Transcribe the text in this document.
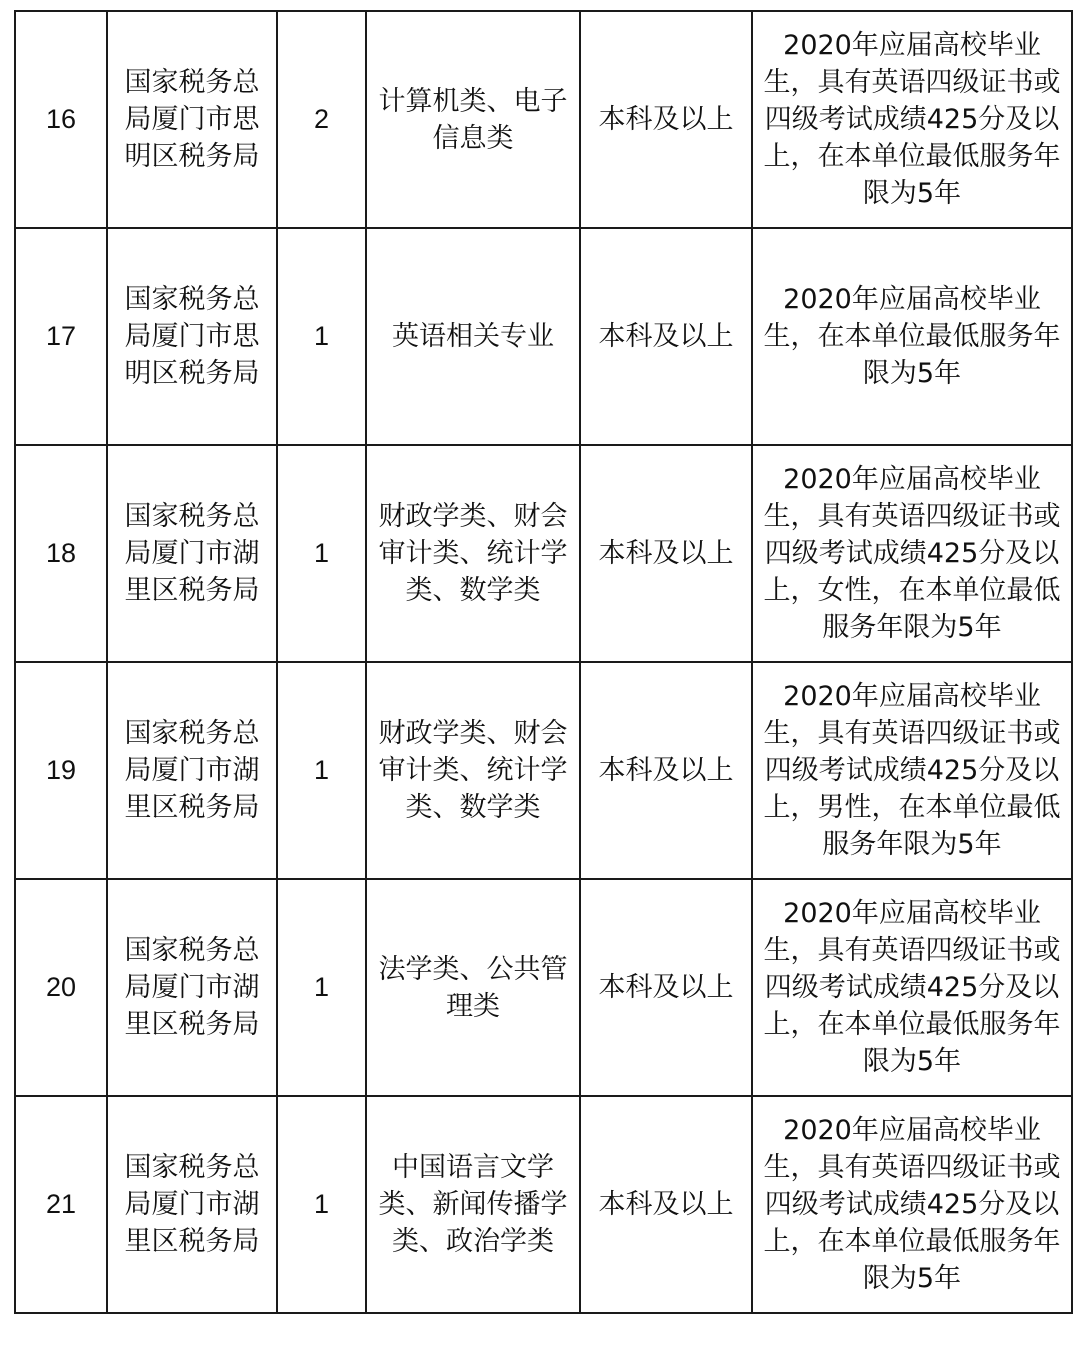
16	国家税务总局厦门市思明区税务局	2	计算机类、电子信息类	本科及以上	2020年应届高校毕业生，具有英语四级证书或四级考试成绩425分及以上，在本单位最低服务年限为5年
17	国家税务总局厦门市思明区税务局	1	英语相关专业	本科及以上	2020年应届高校毕业生，在本单位最低服务年限为5年
18	国家税务总局厦门市湖里区税务局	1	财政学类、财会审计类、统计学类、数学类	本科及以上	2020年应届高校毕业生，具有英语四级证书或四级考试成绩425分及以上，女性，在本单位最低服务年限为5年
19	国家税务总局厦门市湖里区税务局	1	财政学类、财会审计类、统计学类、数学类	本科及以上	2020年应届高校毕业生，具有英语四级证书或四级考试成绩425分及以上，男性，在本单位最低服务年限为5年
20	国家税务总局厦门市湖里区税务局	1	法学类、公共管理类	本科及以上	2020年应届高校毕业生，具有英语四级证书或四级考试成绩425分及以上，在本单位最低服务年限为5年
21	国家税务总局厦门市湖里区税务局	1	中国语言文学类、新闻传播学类、政治学类	本科及以上	2020年应届高校毕业生，具有英语四级证书或四级考试成绩425分及以上，在本单位最低服务年限为5年
